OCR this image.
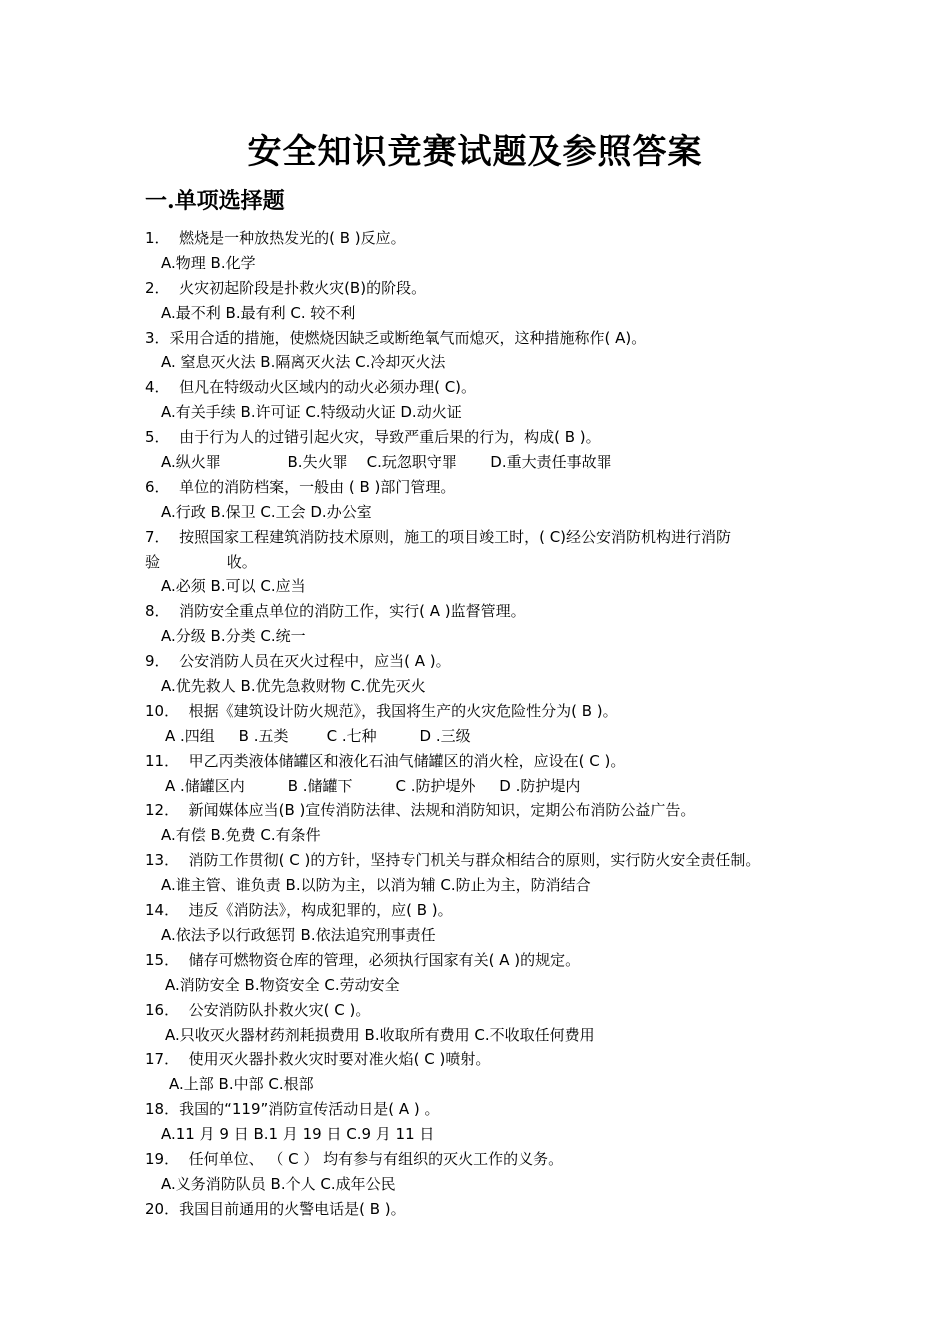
安全知识竞赛试题及参照答案
一.单项选择题
1．  燃烧是一种放热发光的( B )反应。
A.物理 B.化学
2．  火灾初起阶段是扑救火灾(B)的阶段。
A.最不利 B.最有利 C. 较不利
3．采用合适的措施，使燃烧因缺乏或断绝氧气而熄灭，这种措施称作( A)。
A. 窒息灭火法 B.隔离灭火法 C.冷却灭火法
4．  但凡在特级动火区域内的动火必须办理( C)。
A.有关手续 B.许可证 C.特级动火证 D.动火证
5．  由于行为人的过错引起火灾，导致严重后果的行为，构成( B )。
A.纵火罪              B.失火罪    C.玩忽职守罪       D.重大责任事故罪
6．  单位的消防档案，一般由 ( B )部门管理。
A.行政 B.保卫 C.工会 D.办公室
7．  按照国家工程建筑消防技术原则，施工的项目竣工时，( C)经公安消防机构进行消防
验              收。
A.必须 B.可以 C.应当
8．  消防安全重点单位的消防工作，实行( A )监督管理。
A.分级 B.分类 C.统一
9．  公安消防人员在灭火过程中，应当( A )。
A.优先救人 B.优先急救财物 C.优先灭火
10．  根据《建筑设计防火规范》，我国将生产的火灾危险性分为( B )。
A .四组     B .五类        C .七种         D .三级
11．  甲乙丙类液体储罐区和液化石油气储罐区的消火栓，应设在( C )。
A .储罐区内         B .储罐下         C .防护堤外     D .防护堤内
12．  新闻媒体应当(B )宣传消防法律、法规和消防知识，定期公布消防公益广告。
A.有偿 B.免费 C.有条件
13．  消防工作贯彻( C )的方针，坚持专门机关与群众相结合的原则，实行防火安全责任制。
A.谁主管、谁负责 B.以防为主，以消为辅 C.防止为主，防消结合
14．  违反《消防法》，构成犯罪的，应( B )。
A.依法予以行政惩罚 B.依法追究刑事责任
15．  储存可燃物资仓库的管理，必须执行国家有关( A )的规定。
A.消防安全 B.物资安全 C.劳动安全
16．  公安消防队扑救火灾( C )。
A.只收灭火器材药剂耗损费用 B.收取所有费用 C.不收取任何费用
17．  使用灭火器扑救火灾时要对准火焰( C )喷射。
A.上部 B.中部 C.根部
18．我国的“119”消防宣传活动日是( A ) 。
A.11 月 9 日 B.1 月 19 日 C.9 月 11 日
19．  任何单位、 （ C ） 均有参与有组织的灭火工作的义务。
A.义务消防队员 B.个人 C.成年公民
20．我国目前通用的火警电话是( B )。
